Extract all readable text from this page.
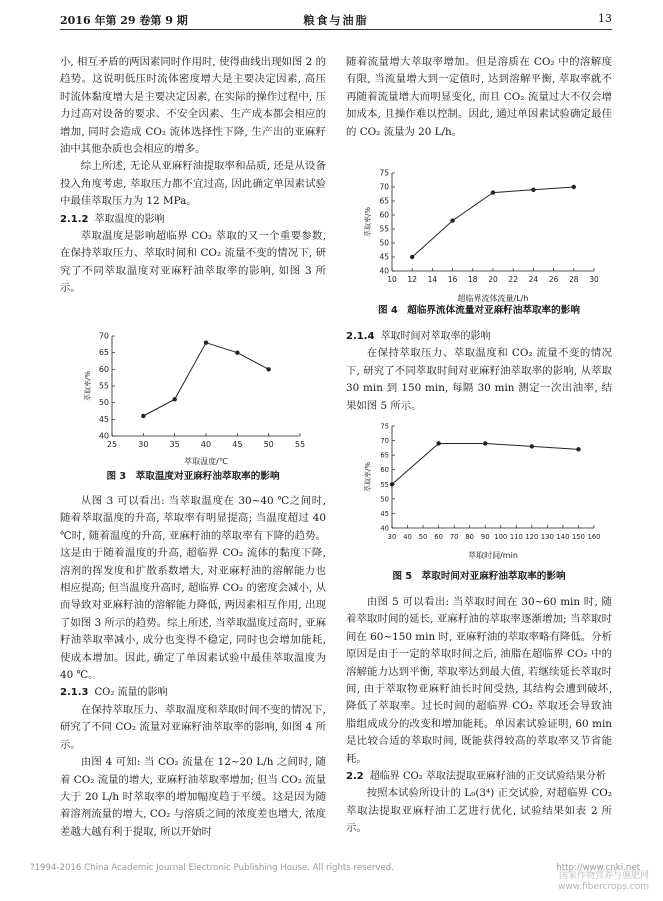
2016 年第 29 卷第 9 期	粮食与油脂	13

小, 相互矛盾的两因素同时作用时, 使得曲线出现如图 2 的趋势。这说明低压时流体密度增大是主要决定因素, 高压时流体黏度增大是主要决定因素, 在实际的操作过程中, 压力过高对设备的要求、不安全因素、生产成本都会相应的增加, 同时会造成 CO₂ 流体选择性下降, 生产出的亚麻籽油中其他杂质也会相应的增多。

综上所述, 无论从亚麻籽油提取率和品质, 还是从设备投入角度考虑, 萃取压力都不宜过高, 因此确定单因素试验中最佳萃取压力为 12 MPa。

2.1.2 萃取温度的影响

萃取温度是影响超临界 CO₂ 萃取的又一个重要参数, 在保持萃取压力、萃取时间和 CO₂ 流量不变的情况下, 研究了不同萃取温度对亚麻籽油萃取率的影响, 如图 3 所示。

40
45
50
55
60
65
70
25	30	35	40	45	50	55
萃取温度/℃
萃取率/%
图 3　萃取温度对亚麻籽油萃取率的影响

从图 3 可以看出: 当萃取温度在 30~40 ℃之间时, 随着萃取温度的升高, 萃取率有明显提高; 当温度超过 40 ℃时, 随着温度的升高, 亚麻籽油的萃取率有下降的趋势。这是由于随着温度的升高, 超临界 CO₂ 流体的黏度下降, 溶剂的挥发度和扩散系数增大, 对亚麻籽油的溶解能力也相应提高; 但当温度升高时, 超临界 CO₂ 的密度会减小, 从而导致对亚麻籽油的溶解能力降低, 两因素相互作用, 出现了如图 3 所示的趋势。综上所述, 当萃取温度过高时, 亚麻籽油萃取率减小, 成分也变得不稳定, 同时也会增加能耗, 使成本增加。因此, 确定了单因素试验中最佳萃取温度为 40 ℃。

2.1.3 CO₂ 流量的影响

在保持萃取压力、萃取温度和萃取时间不变的情况下, 研究了不同 CO₂ 流量对亚麻籽油萃取率的影响, 如图 4 所示。

由图 4 可知: 当 CO₂ 流量在 12~20 L/h 之间时, 随着 CO₂ 流量的增大, 亚麻籽油萃取率增加; 但当 CO₂ 流量大于 20 L/h 时萃取率的增加幅度趋于平缓。这是因为随着溶剂流量的增大, CO₂ 与溶质之间的浓度差也增大, 浓度差越大越有利于提取, 所以开始时

随着流量增大萃取率增加。但是溶质在 CO₂ 中的溶解度有限, 当流量增大到一定值时, 达到溶解平衡, 萃取率就不再随着流量增大而明显变化, 而且 CO₂ 流量过大不仅会增加成本, 且操作难以控制。因此, 通过单因素试验确定最佳的 CO₂ 流量为 20 L/h。

40
45
50
55
60
65
70
75
10 12 14 16 18 20 22 24 26 28 30
超临界流体流量/L/h
萃取率/%
图 4　超临界流体流量对亚麻籽油萃取率的影响

2.1.4 萃取时间对萃取率的影响

在保持萃取压力、萃取温度和 CO₂ 流量不变的情况下, 研究了不同萃取时间对亚麻籽油萃取率的影响, 从萃取 30 min 到 150 min, 每隔 30 min 测定一次出油率, 结果如图 5 所示。

40
45
50
55
60
65
70
75
30 40 50 60 70 80 90 100 110 120 130 140 150 160
萃取时间/min
萃取率/%
图 5　萃取时间对亚麻籽油萃取率的影响

由图 5 可以看出: 当萃取时间在 30~60 min 时, 随着萃取时间的延长, 亚麻籽油的萃取率逐渐增加; 当萃取时间在 60~150 min 时, 亚麻籽油的萃取率略有降低。分析原因是由于一定的萃取时间之后, 油脂在超临界 CO₂ 中的溶解能力达到平衡, 萃取率达到最大值, 若继续延长萃取时间, 由于萃取物亚麻籽油长时间受热, 其结构会遭到破坏, 降低了萃取率。过长时间的超临界 CO₂ 萃取还会导致油脂组成成分的改变和增加能耗。单因素试验证明, 60 min 是比较合适的萃取时间, 既能获得较高的萃取率又节省能耗。

2.2 超临界 CO₂ 萃取法提取亚麻籽油的正交试验结果分析

按照本试验所设计的 L₉(3⁴) 正交试验, 对超临界 CO₂ 萃取法提取亚麻籽油工艺进行优化, 试验结果如表 2 所示。

?1994-2016 China Academic Journal Electronic Publishing House. All rights reserved.	http://www.cnki.net
国家作物营养与施肥网
www.fibercrops.com
